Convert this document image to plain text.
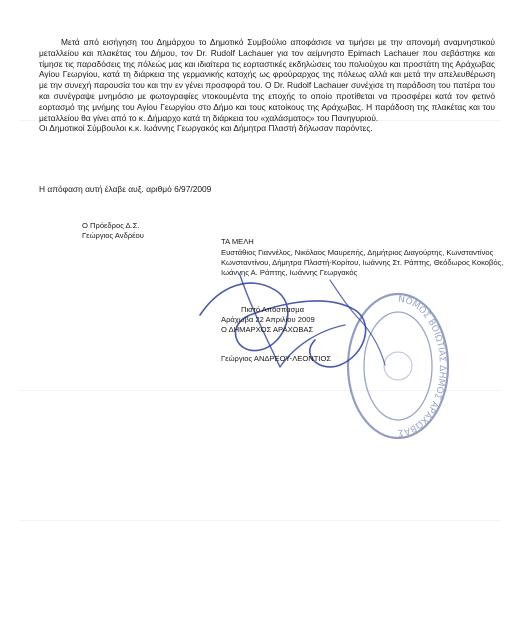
Μετά από εισήγηση του Δημάρχου το Δημοτικό Συμβούλιο αποφάσισε να τιμήσει με την απονομή αναμνηστικού μεταλλείου και πλακέτας του Δήμου, τον Dr. Rudolf Lachauer για τον αείμνηστο Epimach Lachauer που σεβάστηκε και τίμησε τις παραδόσεις της πόλεώς μας και ιδιαίτερα τις εορταστικές εκδηλώσεις του πολιούχου και προστάτη της Αράχωβας Αγίου Γεωργίου, κατά τη διάρκεια της γερμανικής κατοχής ως φρούραρχος της πόλεως αλλά και μετά την απελευθέρωση με την συνεχή παρουσία του και την εν γένει προσφορά του. Ο Dr. Rudolf Lachauer συνέχισε τη παράδοση του πατέρα του και συνέγραψε μνημόσιο με φωτογραφίες ντοκουμέντα της εποχής το οποίο προτίθεται να προσφέρει κατά τον φετινό εορτασμό της μνήμης του Αγίου Γεωργίου στο Δήμο και τους κατοίκους της Αράχωβας. Η παράδοση της πλακέτας και του μεταλλείου θα γίνει από το κ. Δήμαρχο κατά τη διάρκεια του «χαλάσματος» του Πανηγυριού.

Οι Δημοτικοί Σύμβουλοι κ.κ. Ιωάννης Γεωργακός και Δήμητρα Πλαστή δήλωσαν παρόντες.

Η απόφαση αυτή έλαβε αυξ. αριθμό 6/97/2009
Ο Πρόεδρος Δ.Σ.
Γεώργιος Ανδρέου
ΤΑ ΜΕΛΗ
Ευστάθιος Γιαννέλος, Νικόλαος Μαυρεπής, Δημήτριος Διαγούρτης, Κωνσταντίνος Κωνσταντίνου, Δήμητρα Πλαστή-Κορίτου, Ιωάννης Στ. Ράπτης, Θεόδωρος Κοκοβός, Ιωάννης Α. Ράπτης, Ιωάννης Γεωργακός
ΝΟΜΟΣ ΒΟΙΩΤΙΑΣ ΔΗΜΟΣ ΑΡΑΧΩΒΑΣ
Πιστό Απόσπασμα
Αράχωβα 22 Απριλίου 2009
Ο ΔΗΜΑΡΧΟΣ ΑΡΑΧΩΒΑΣ
Γεώργιος ΑΝΔΡΕΟΥ-ΛΕΟΝΤΙΟΣ
